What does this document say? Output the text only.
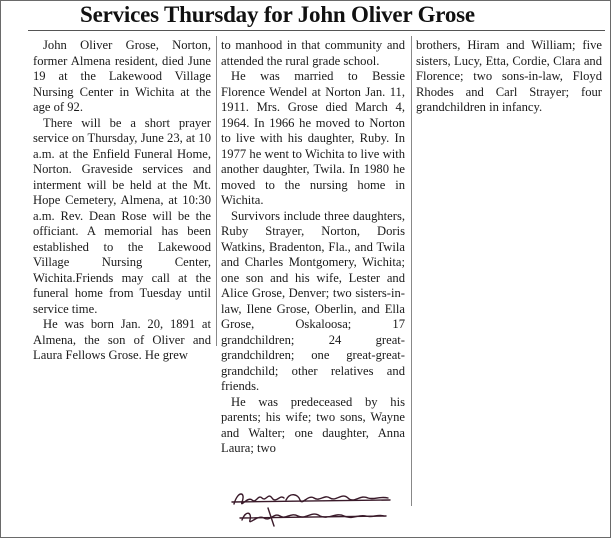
Services Thursday for John Oliver Grose

John Oliver Grose, Norton, former Almena resident, died June 19 at the Lakewood Village Nursing Center in Wichita at the age of 92.

There will be a short prayer service on Thursday, June 23, at 10 a.m. at the Enfield Funeral Home, Norton. Graveside services and interment will be held at the Mt. Hope Cemetery, Almena, at 10:30 a.m. Rev. Dean Rose will be the officiant. A memorial has been established to the Lakewood Village Nursing Center, Wichita.Friends may call at the funeral home from Tuesday until service time.

He was born Jan. 20, 1891 at Almena, the son of Oliver and Laura Fellows Grose. He grew

to manhood in that community and attended the rural grade school.

He was married to Bessie Florence Wendel at Norton Jan. 11, 1911. Mrs. Grose died March 4, 1964. In 1966 he moved to Norton to live with his daughter, Ruby. In 1977 he went to Wichita to live with another daughter, Twila. In 1980 he moved to the nursing home in Wichita.

Survivors include three daughters, Ruby Strayer, Norton, Doris Watkins, Bradenton, Fla., and Twila and Charles Montgomery, Wichita; one son and his wife, Lester and Alice Grose, Denver; two sisters-in-law, Ilene Grose, Oberlin, and Ella Grose, Oskaloosa; 17 grandchildren; 24 great-grandchildren; one great-great-grandchild; other relatives and friends.

He was predeceased by his parents; his wife; two sons, Wayne and Walter; one daughter, Anna Laura; two

brothers, Hiram and William; five sisters, Lucy, Etta, Cordie, Clara and Florence; two sons-in-law, Floyd Rhodes and Carl Strayer; four grandchildren in infancy.
